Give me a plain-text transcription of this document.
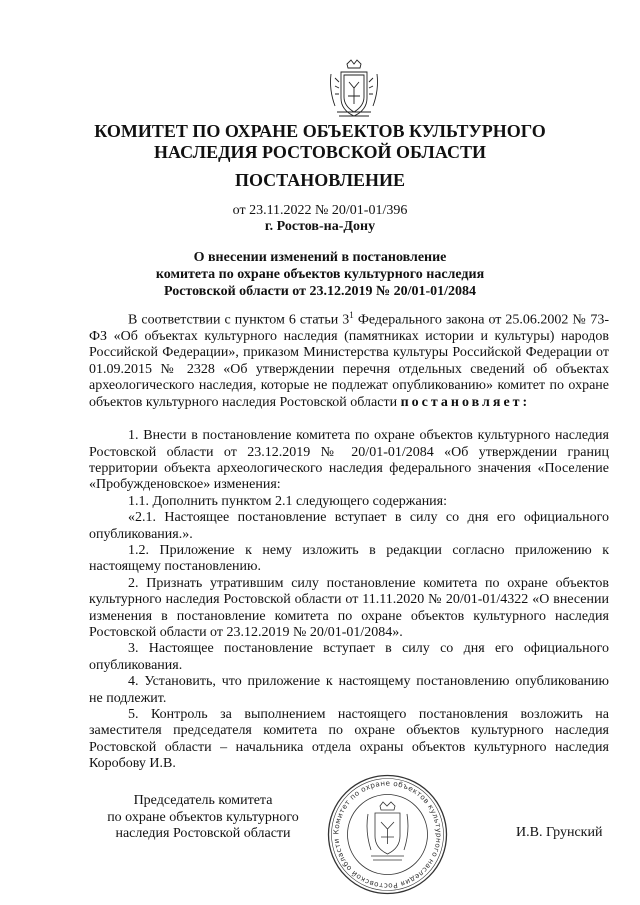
КОМИТЕТ ПО ОХРАНЕ ОБЪЕКТОВ КУЛЬТУРНОГО
НАСЛЕДИЯ РОСТОВСКОЙ ОБЛАСТИ
ПОСТАНОВЛЕНИЕ
от 23.11.2022 № 20/01-01/396
г. Ростов-на-Дону
О внесении изменений в постановление
комитета по охране объектов культурного наследия
Ростовской области от 23.12.2019 № 20/01-01/2084

В соответствии с пунктом 6 статьи $3^1$ Федерального закона от 25.06.2002 № 73-ФЗ «Об объектах культурного наследия (памятниках истории и культуры) народов Российской Федерации», приказом Министерства культуры Российской Федерации от 01.09.2015 № 2328 «Об утверждении перечня отдельных сведений об объектах археологического наследия, которые не подлежат опубликованию» комитет по охране объектов культурного наследия Ростовской области постановляет:

1. Внести в постановление комитета по охране объектов культурного наследия Ростовской области от 23.12.2019 № 20/01-01/2084 «Об утверждении границ территории объекта археологического наследия федерального значения «Поселение «Пробужденовское» изменения:

1.1. Дополнить пунктом 2.1 следующего содержания:

«2.1. Настоящее постановление вступает в силу со дня его официального опубликования.».

1.2. Приложение к нему изложить в редакции согласно приложению к настоящему постановлению.

2. Признать утратившим силу постановление комитета по охране объектов культурного наследия Ростовской области от 11.11.2020 № 20/01-01/4322 «О внесении изменения в постановление комитета по охране объектов культурного наследия Ростовской области от 23.12.2019 № 20/01-01/2084».

3. Настоящее постановление вступает в силу со дня его официального опубликования.

4. Установить, что приложение к настоящему постановлению опубликованию не подлежит.

5. Контроль за выполнением настоящего постановления возложить на заместителя председателя комитета по охране объектов культурного наследия Ростовской области – начальника отдела охраны объектов культурного наследия Коробову И.В.

Председатель комитета
по охране объектов культурного
наследия Ростовской области	Комитет по охране объектов культурного наследия Ростовской области
И.В. Грунский
